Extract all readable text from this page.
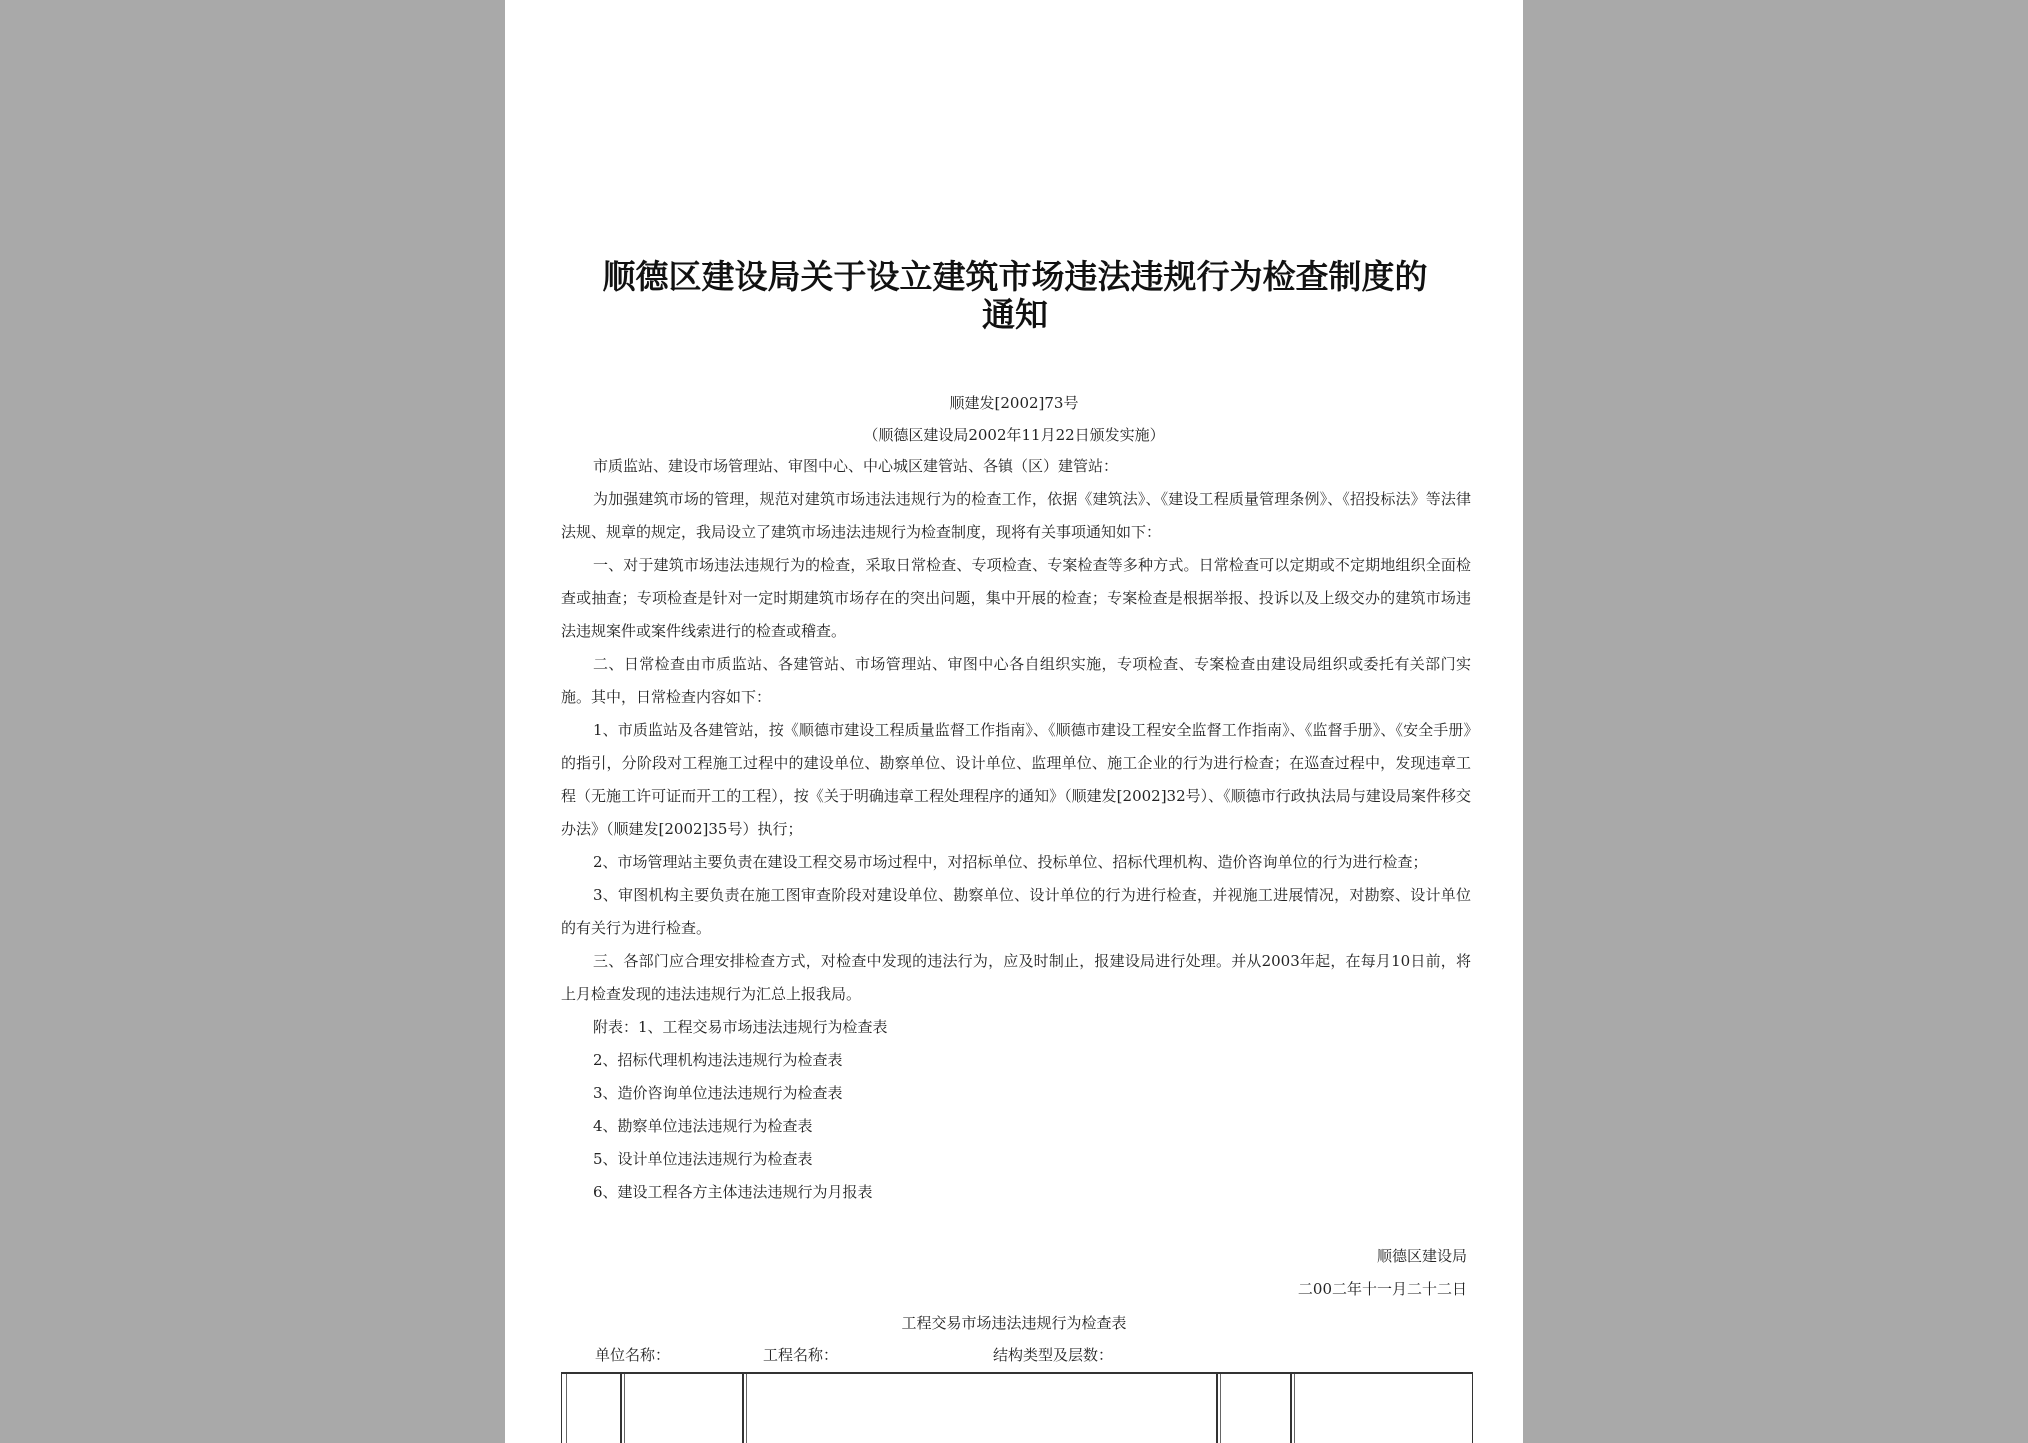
顺德区建设局关于设立建筑市场违法违规行为检查制度的通知
顺建发[2002]73号
（顺德区建设局2002年11月22日颁发实施）

市质监站、建设市场管理站、审图中心、中心城区建管站、各镇（区）建管站：

为加强建筑市场的管理，规范对建筑市场违法违规行为的检查工作，依据《建筑法》、《建设工程质量管理条例》、《招投标法》等法律法规、规章的规定，我局设立了建筑市场违法违规行为检查制度，现将有关事项通知如下：

一、对于建筑市场违法违规行为的检查，采取日常检查、专项检查、专案检查等多种方式。日常检查可以定期或不定期地组织全面检查或抽查；专项检查是针对一定时期建筑市场存在的突出问题，集中开展的检查；专案检查是根据举报、投诉以及上级交办的建筑市场违法违规案件或案件线索进行的检查或稽查。

二、日常检查由市质监站、各建管站、市场管理站、审图中心各自组织实施，专项检查、专案检查由建设局组织或委托有关部门实施。其中，日常检查内容如下：

1、市质监站及各建管站，按《顺德市建设工程质量监督工作指南》、《顺德市建设工程安全监督工作指南》、《监督手册》、《安全手册》的指引，分阶段对工程施工过程中的建设单位、勘察单位、设计单位、监理单位、施工企业的行为进行检查；在巡查过程中，发现违章工程（无施工许可证而开工的工程），按《关于明确违章工程处理程序的通知》（顺建发[2002]32号）、《顺德市行政执法局与建设局案件移交办法》（顺建发[2002]35号）执行；

2、市场管理站主要负责在建设工程交易市场过程中，对招标单位、投标单位、招标代理机构、造价咨询单位的行为进行检查；

3、审图机构主要负责在施工图审查阶段对建设单位、勘察单位、设计单位的行为进行检查，并视施工进展情况，对勘察、设计单位的有关行为进行检查。

三、各部门应合理安排检查方式，对检查中发现的违法行为，应及时制止，报建设局进行处理。并从2003年起，在每月10日前，将上月检查发现的违法违规行为汇总上报我局。

附表：1、工程交易市场违法违规行为检查表

2、招标代理机构违法违规行为检查表

3、造价咨询单位违法违规行为检查表

4、勘察单位违法违规行为检查表

5、设计单位违法违规行为检查表

6、建设工程各方主体违法违规行为月报表

顺德区建设局
二00二年十一月二十二日
工程交易市场违法违规行为检查表
单位名称：	工程名称：	结构类型及层数：
